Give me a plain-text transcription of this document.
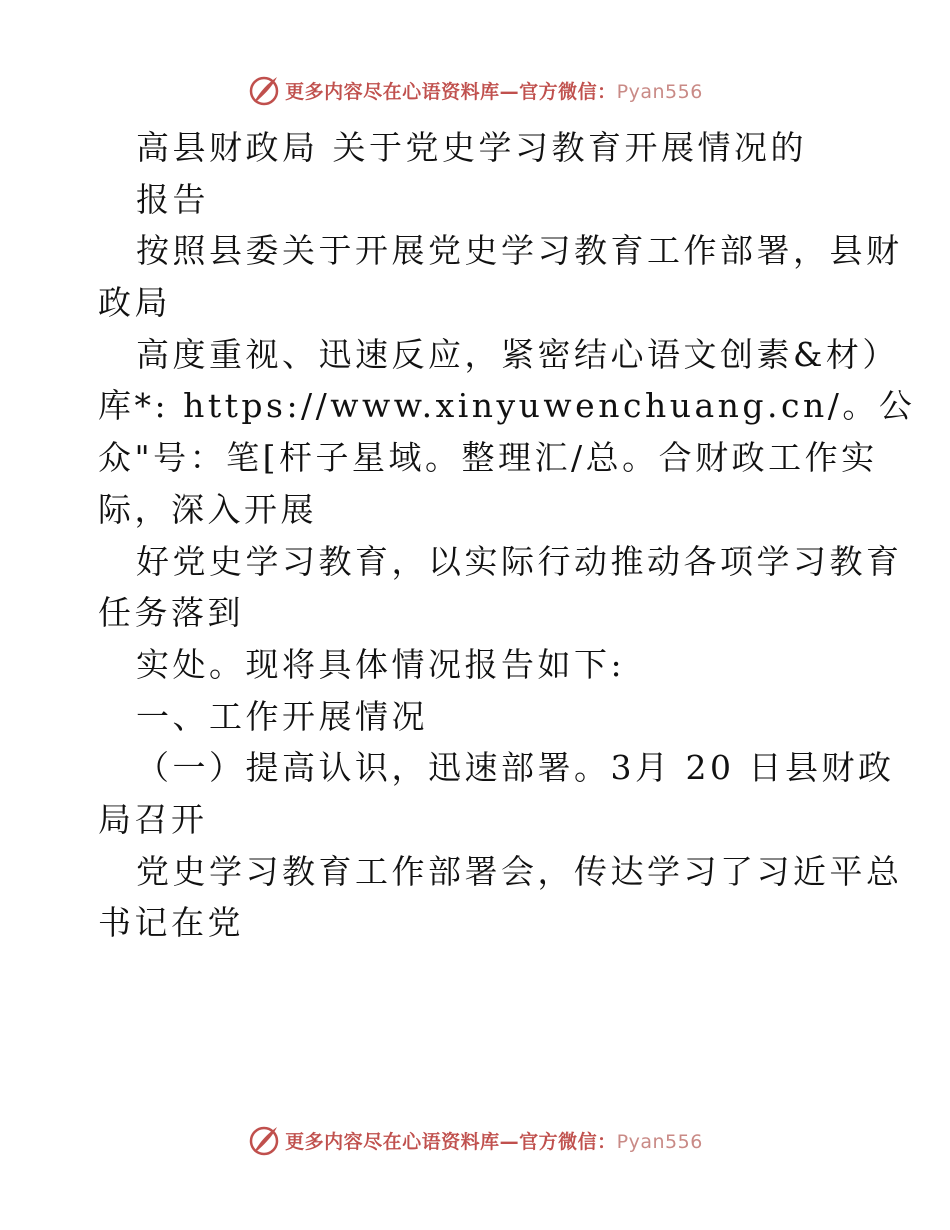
更多内容尽在心语资料库—官方微信：Pyan556
高县财政局 关于党史学习教育开展情况的
报告
按照县委关于开展党史学习教育工作部署，县财
政局
高度重视、迅速反应，紧密结心语文创素&材）
库*: https://www.xinyuwenchuang.cn/。公
众"号：笔[杆子星域。整理汇/总。合财政工作实
际，深入开展
好党史学习教育，以实际行动推动各项学习教育
任务落到
实处。现将具体情况报告如下:
一、工作开展情况
（一）提高认识，迅速部署。3月 20 日县财政
局召开
党史学习教育工作部署会，传达学习了习近平总
书记在党
更多内容尽在心语资料库—官方微信：Pyan556
